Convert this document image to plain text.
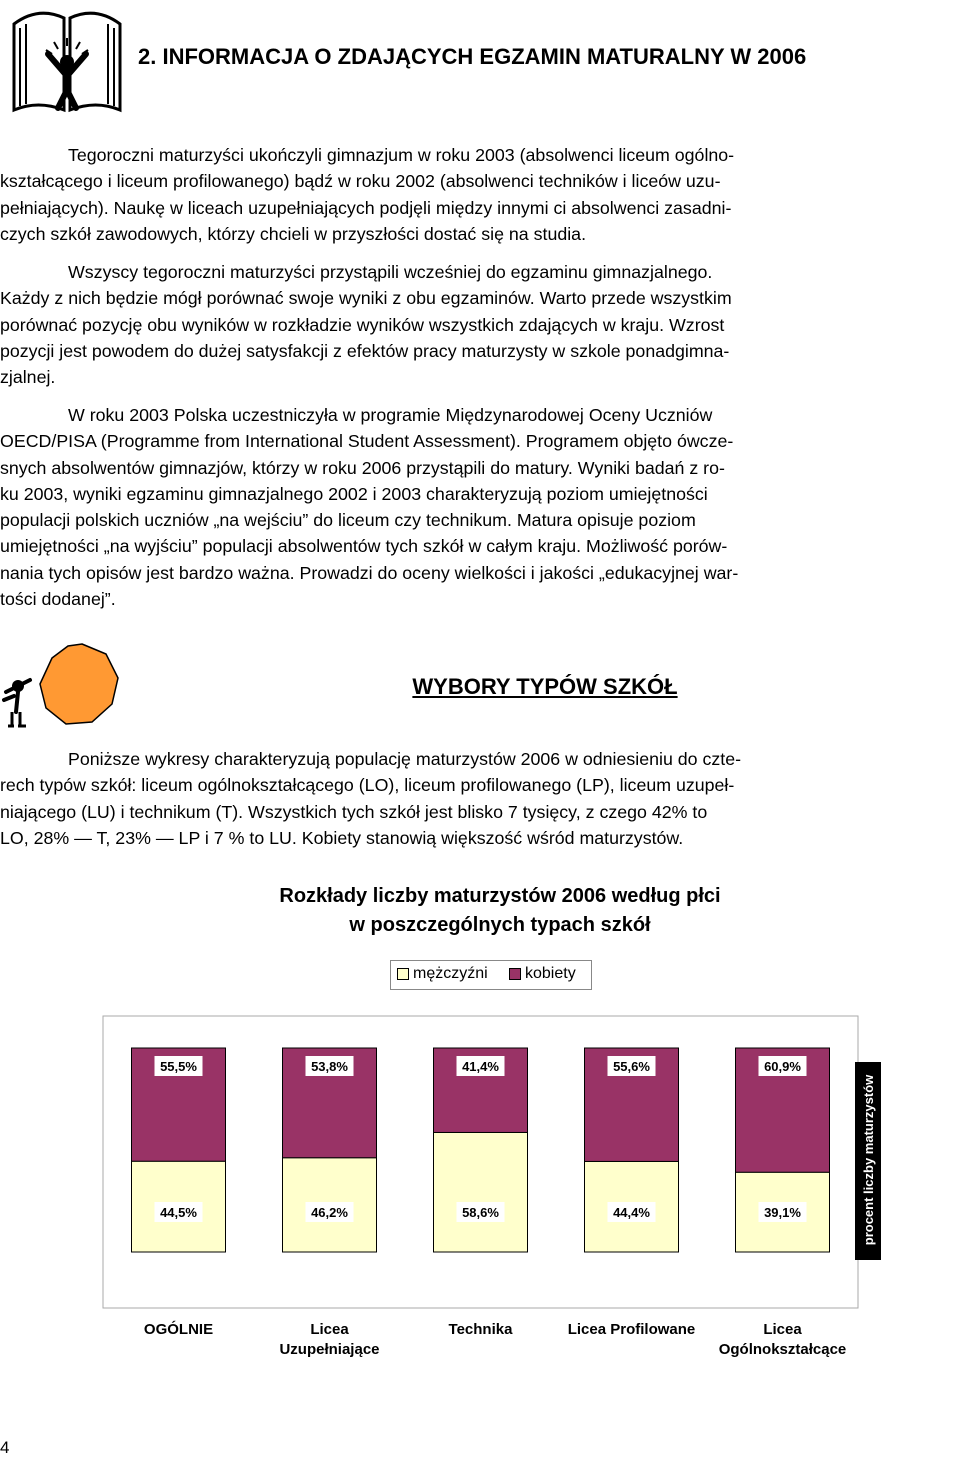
2. INFORMACJA O ZDAJĄCYCH EGZAMIN MATURALNY W 2006
Tegoroczni maturzyści ukończyli gimnazjum w roku 2003 (absolwenci liceum ogólno-
kształcącego i liceum profilowanego) bądź w roku 2002 (absolwenci techników i liceów uzu-
pełniających). Naukę w liceach uzupełniających podjęli między innymi ci absolwenci zasadni-
czych szkół zawodowych, którzy chcieli w przyszłości dostać się na studia.
Wszyscy tegoroczni maturzyści przystąpili wcześniej do egzaminu gimnazjalnego.
Każdy z nich będzie mógł porównać swoje wyniki z obu egzaminów. Warto przede wszystkim
porównać pozycję obu wyników w rozkładzie wyników wszystkich zdających w kraju. Wzrost
pozycji jest powodem do dużej satysfakcji z efektów pracy maturzysty w szkole ponadgimna-
zjalnej.
W roku 2003 Polska uczestniczyła w programie Międzynarodowej Oceny Uczniów
OECD/PISA (Programme from International Student Assessment). Programem objęto ówcze-
snych absolwentów gimnazjów, którzy w roku 2006 przystąpili do matury. Wyniki badań z ro-
ku 2003, wyniki egzaminu gimnazjalnego 2002 i 2003 charakteryzują poziom umiejętności
populacji polskich uczniów „na wejściu” do liceum czy technikum. Matura opisuje poziom
umiejętności „na wyjściu” populacji absolwentów tych szkół w całym kraju. Możliwość porów-
nania tych opisów jest bardzo ważna. Prowadzi do oceny wielkości i jakości „edukacyjnej war-
tości dodanej”.
WYBORY TYPÓW SZKÓŁ
Poniższe wykresy charakteryzują populację maturzystów 2006 w odniesieniu do czte-
rech typów szkół: liceum ogólnokształcącego (LO), liceum profilowanego (LP), liceum uzupeł-
niającego (LU) i technikum (T). Wszystkich tych szkół jest blisko 7 tysięcy, z czego 42% to
LO, 28% — T, 23% — LP i 7 % to LU. Kobiety stanowią większość wśród maturzystów.
Rozkłady liczby maturzystów 2006 według płci
w poszczególnych typach szkół
mężczyźni kobiety
55,5%
44,5%
OGÓLNIE
53,8%
46,2%
Licea
Uzupełniające
41,4%
58,6%
Technika
55,6%
44,4%
Licea Profilowane
60,9%
39,1%
Licea
Ogólnokształcące
procent liczby maturzystów
4
